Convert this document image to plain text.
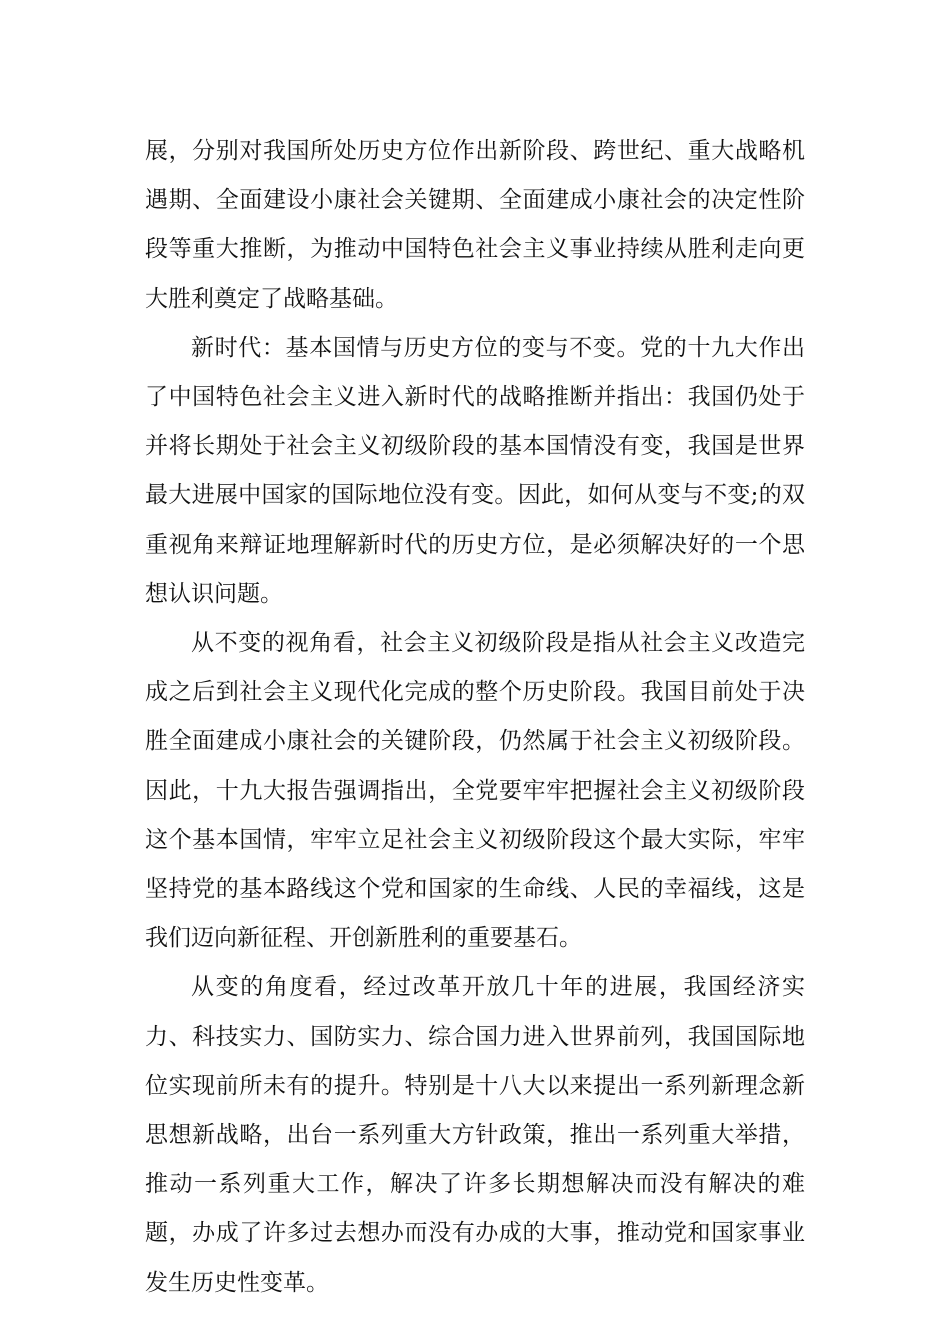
展，分别对我国所处历史方位作出新阶段、跨世纪、重大战略机遇期、全面建设小康社会关键期、全面建成小康社会的决定性阶段等重大推断，为推动中国特色社会主义事业持续从胜利走向更大胜利奠定了战略基础。

新时代：基本国情与历史方位的变与不变。党的十九大作出了中国特色社会主义进入新时代的战略推断并指出：我国仍处于并将长期处于社会主义初级阶段的基本国情没有变，我国是世界最大进展中国家的国际地位没有变。因此，如何从变与不变;的双重视角来辩证地理解新时代的历史方位，是必须解决好的一个思想认识问题。

从不变的视角看，社会主义初级阶段是指从社会主义改造完成之后到社会主义现代化完成的整个历史阶段。我国目前处于决胜全面建成小康社会的关键阶段，仍然属于社会主义初级阶段。因此，十九大报告强调指出，全党要牢牢把握社会主义初级阶段这个基本国情，牢牢立足社会主义初级阶段这个最大实际，牢牢坚持党的基本路线这个党和国家的生命线、人民的幸福线，这是我们迈向新征程、开创新胜利的重要基石。

从变的角度看，经过改革开放几十年的进展，我国经济实力、科技实力、国防实力、综合国力进入世界前列，我国国际地位实现前所未有的提升。特别是十八大以来提出一系列新理念新思想新战略，出台一系列重大方针政策，推出一系列重大举措，推动一系列重大工作，解决了许多长期想解决而没有解决的难题，办成了许多过去想办而没有办成的大事，推动党和国家事业发生历史性变革。
